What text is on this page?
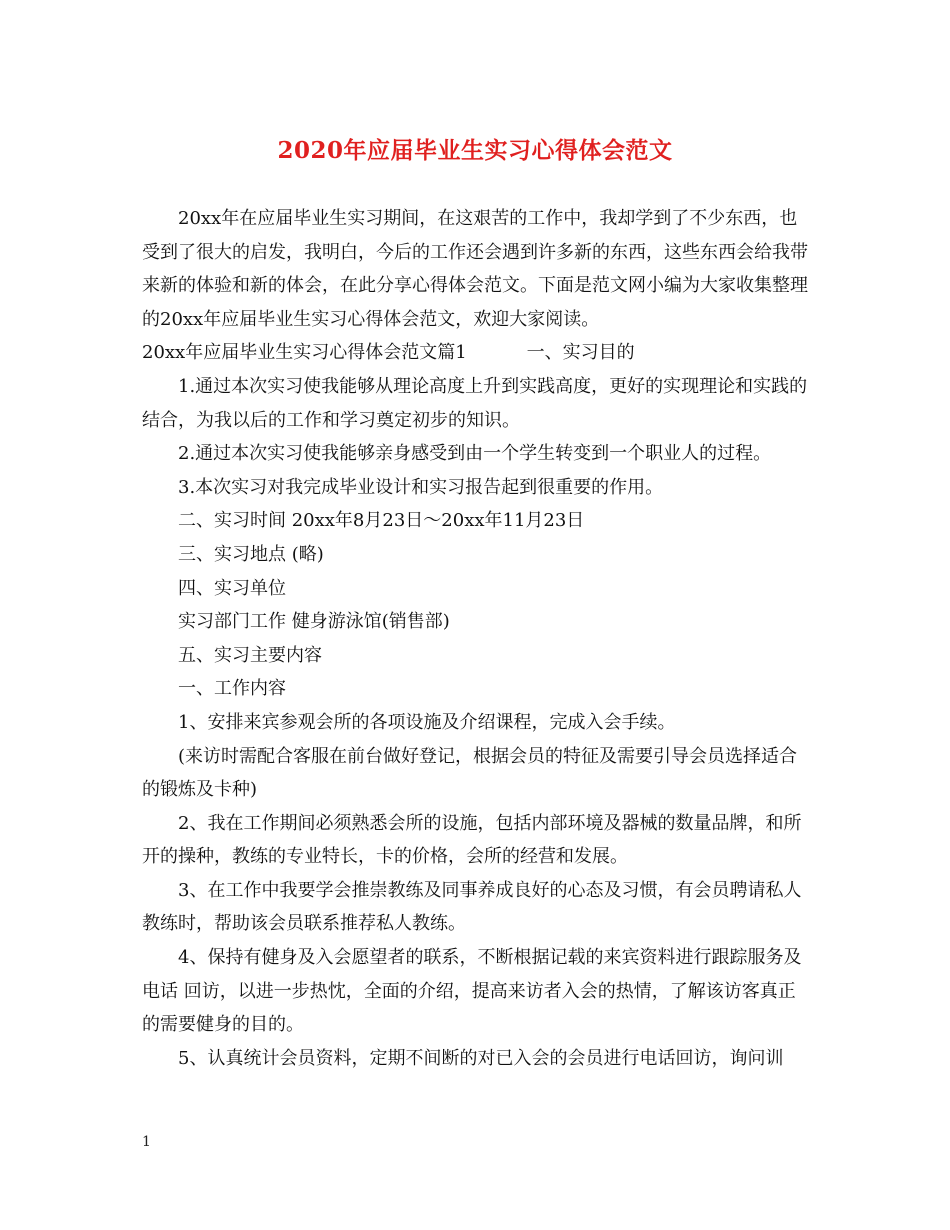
2020年应届毕业生实习心得体会范文

20xx年在应届毕业生实习期间，在这艰苦的工作中，我却学到了不少东西，也受到了很大的启发，我明白，今后的工作还会遇到许多新的东西，这些东西会给我带来新的体验和新的体会，在此分享心得体会范文。下面是范文网小编为大家收集整理的20xx年应届毕业生实习心得体会范文，欢迎大家阅读。

20xx年应届毕业生实习心得体会范文篇1	一、实习目的

1.通过本次实习使我能够从理论高度上升到实践高度，更好的实现理论和实践的结合，为我以后的工作和学习奠定初步的知识。

2.通过本次实习使我能够亲身感受到由一个学生转变到一个职业人的过程。

3.本次实习对我完成毕业设计和实习报告起到很重要的作用。

二、实习时间 20xx年8月23日～20xx年11月23日

三、实习地点 (略)

四、实习单位

实习部门工作 健身游泳馆(销售部)

五、实习主要内容

一、工作内容

1、安排来宾参观会所的各项设施及介绍课程，完成入会手续。

(来访时需配合客服在前台做好登记，根据会员的特征及需要引导会员选择适合的锻炼及卡种)

2、我在工作期间必须熟悉会所的设施，包括内部环境及器械的数量品牌，和所开的操种，教练的专业特长，卡的价格，会所的经营和发展。

3、在工作中我要学会推崇教练及同事养成良好的心态及习惯，有会员聘请私人教练时，帮助该会员联系推荐私人教练。

4、保持有健身及入会愿望者的联系，不断根据记载的来宾资料进行跟踪服务及电话 回访，以进一步热忱，全面的介绍，提高来访者入会的热情，了解该访客真正的需要健身的目的。

5、认真统计会员资料，定期不间断的对已入会的会员进行电话回访，询问训

1
